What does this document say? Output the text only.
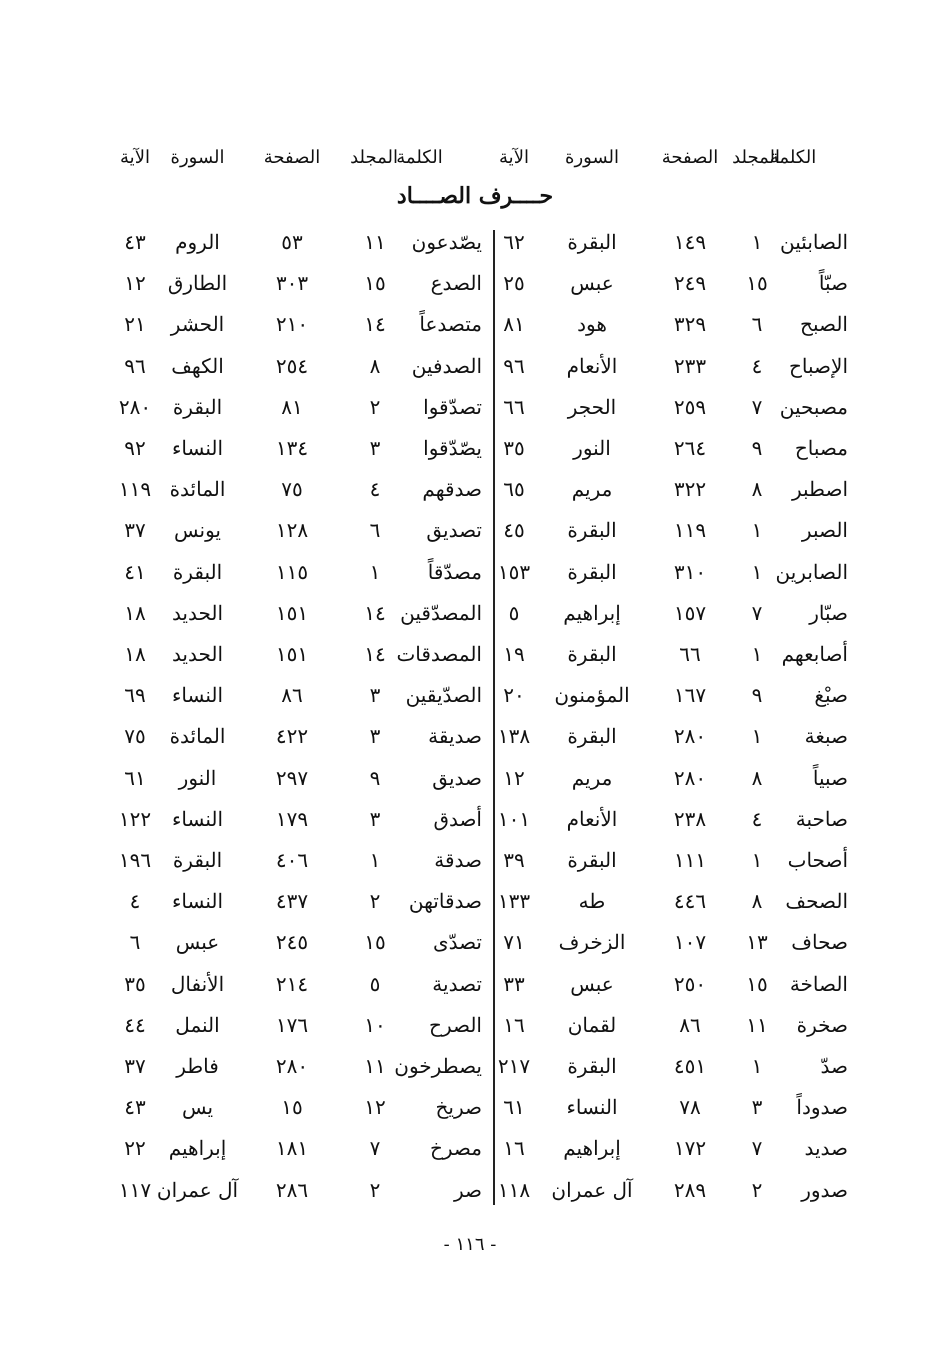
الكلمة
المجلد
الصفحة
السورة
الآية
الصابئين
١
١٤٩
البقرة
٦٢
صبّاً
١٥
٢٤٩
عبس
٢٥
الصبح
٦
٣٢٩
هود
٨١
الإصباح
٤
٢٣٣
الأنعام
٩٦
مصبحين
٧
٢٥٩
الحجر
٦٦
مصباح
٩
٢٦٤
النور
٣٥
اصطبر
٨
٣٢٢
مريم
٦٥
الصبر
١
١١٩
البقرة
٤٥
الصابرين
١
٣١٠
البقرة
١٥٣
صبّار
٧
١٥٧
إبراهيم
٥
أصابعهم
١
٦٦
البقرة
١٩
صبْغ
٩
١٦٧
المؤمنون
٢٠
صبغة
١
٢٨٠
البقرة
١٣٨
صبياً
٨
٢٨٠
مريم
١٢
صاحبة
٤
٢٣٨
الأنعام
١٠١
أصحاب
١
١١١
البقرة
٣٩
الصحف
٨
٤٤٦
طه
١٣٣
صحاف
١٣
١٠٧
الزخرف
٧١
الصاخة
١٥
٢٥٠
عبس
٣٣
صخرة
١١
٨٦
لقمان
١٦
صدّ
١
٤٥١
البقرة
٢١٧
صدوداً
٣
٧٨
النساء
٦١
صديد
٧
١٧٢
إبراهيم
١٦
صدور
٢
٢٨٩
آل عمران
١١٨
الكلمة
المجلد
الصفحة
السورة
الآية
يصّدعون
١١
٥٣
الروم
٤٣
الصدع
١٥
٣٠٣
الطارق
١٢
متصدعاً
١٤
٢١٠
الحشر
٢١
الصدفين
٨
٢٥٤
الكهف
٩٦
تصدّقوا
٢
٨١
البقرة
٢٨٠
يصّدّقوا
٣
١٣٤
النساء
٩٢
صدقهم
٤
٧٥
المائدة
١١٩
تصديق
٦
١٢٨
يونس
٣٧
مصدّقاً
١
١١٥
البقرة
٤١
المصدّقين
١٤
١٥١
الحديد
١٨
المصدقات
١٤
١٥١
الحديد
١٨
الصدّيقين
٣
٨٦
النساء
٦٩
صديقة
٣
٤٢٢
المائدة
٧٥
صديق
٩
٢٩٧
النور
٦١
أصدق
٣
١٧٩
النساء
١٢٢
صدقة
١
٤٠٦
البقرة
١٩٦
صدقاتهن
٢
٤٣٧
النساء
٤
تصدّى
١٥
٢٤٥
عبس
٦
تصدية
٥
٢١٤
الأنفال
٣٥
الصرح
١٠
١٧٦
النمل
٤٤
يصطرخون
١١
٢٨٠
فاطر
٣٧
صريخ
١٢
١٥
يس
٤٣
مصرخ
٧
١٨١
إبراهيم
٢٢
صر
٢
٢٨٦
آل عمران
١١٧
حــــرف الصــــاد
- ١١٦ -
